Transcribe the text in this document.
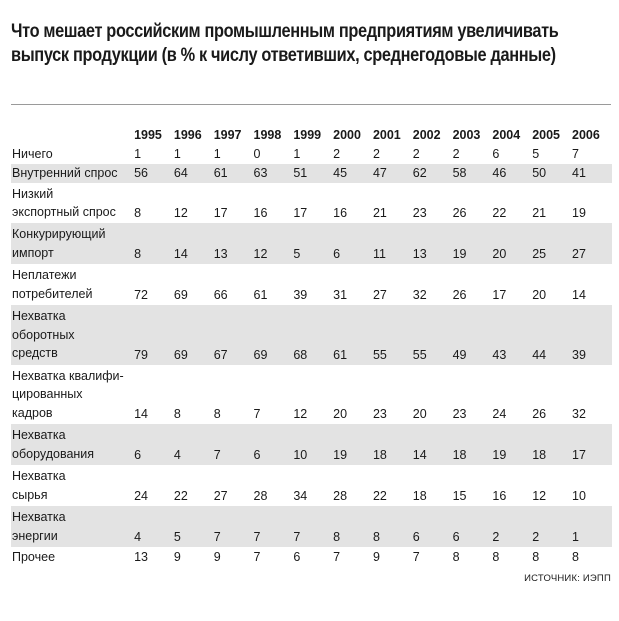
Что мешает российским промышленным предприятиям увеличивать выпуск продукции (в % к числу ответивших, среднегодовые данные)
	1995	1996	1997	1998	1999	2000	2001	2002	2003	2004	2005	2006
Ничего	1	1	1	0	1	2	2	2	2	6	5	7
Внутренний спрос	56	64	61	63	51	45	47	62	58	46	50	41
Низкий
экспортный спрос	8	12	17	16	17	16	21	23	26	22	21	19
Конкурирующий
импорт	8	14	13	12	5	6	11	13	19	20	25	27
Неплатежи
потребителей	72	69	66	61	39	31	27	32	26	17	20	14
Нехватка
оборотных
средств	79	69	67	69	68	61	55	55	49	43	44	39
Нехватка квалифи-
цированных
кадров	14	8	8	7	12	20	23	20	23	24	26	32
Нехватка
оборудования	6	4	7	6	10	19	18	14	18	19	18	17
Нехватка
сырья	24	22	27	28	34	28	22	18	15	16	12	10
Нехватка
энергии	4	5	7	7	7	8	8	6	6	2	2	1
Прочее	13	9	9	7	6	7	9	7	8	8	8	8
ИСТОЧНИК: ИЭПП
